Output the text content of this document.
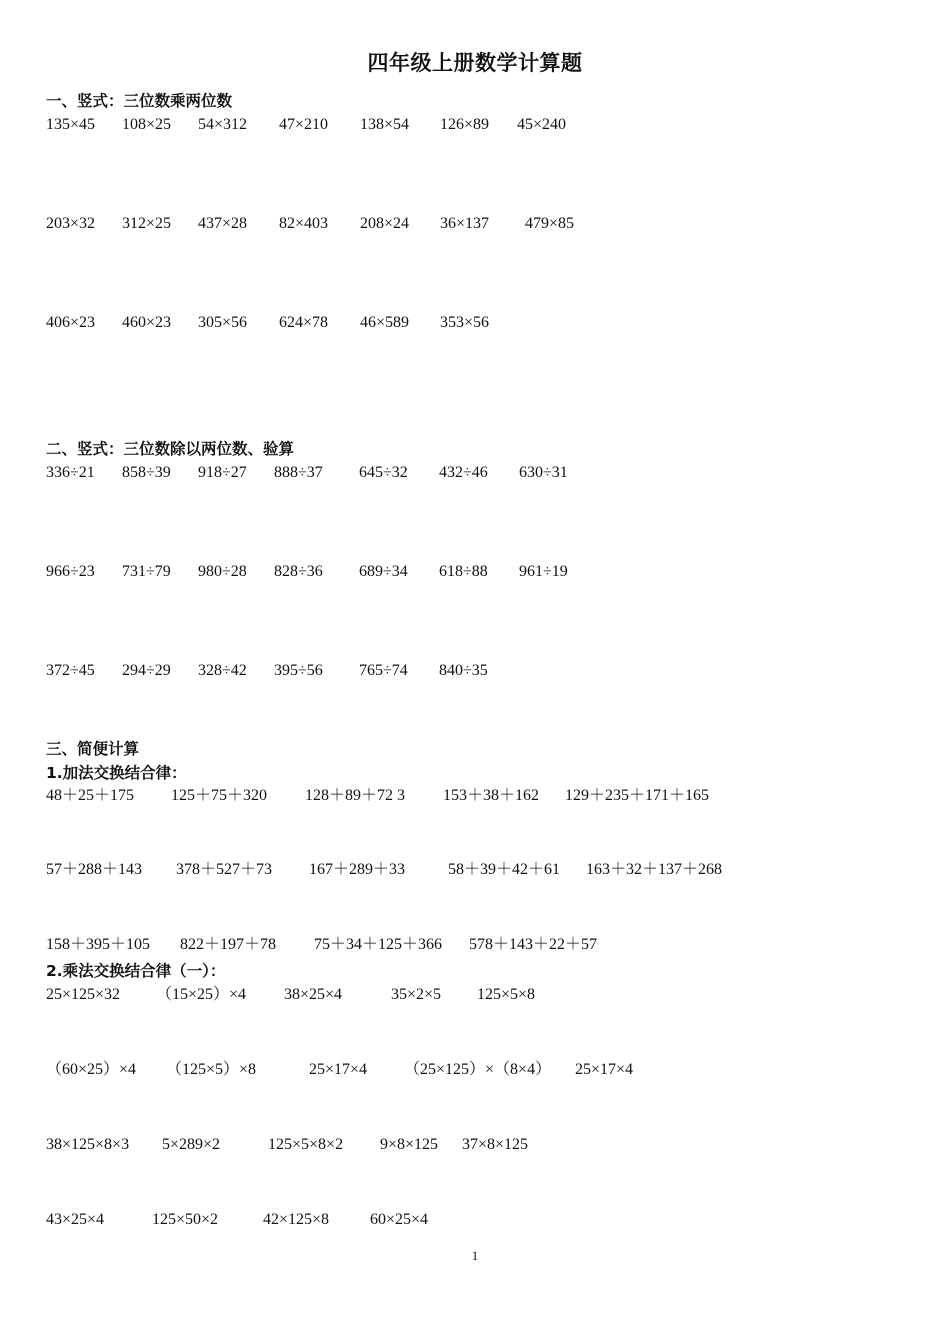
四年级上册数学计算题
一、竖式：三位数乘两位数
135×45 108×25 54×312 47×210 138×54 126×89 45×240
203×32 312×25 437×28 82×403 208×24 36×137 479×85
406×23 460×23 305×56 624×78 46×589 353×56
二、竖式：三位数除以两位数、验算
336÷21 858÷39 918÷27 888÷37 645÷32 432÷46 630÷31
966÷23 731÷79 980÷28 828÷36 689÷34 618÷88 961÷19
372÷45 294÷29 328÷42 395÷56 765÷74 840÷35
三、简便计算
1.加法交换结合律：
48＋25＋175 125＋75＋320 128＋89＋72 3 153＋38＋162 129＋235＋171＋165
57＋288＋143 378＋527＋73 167＋289＋33	58＋39＋42＋61 163＋32＋137＋268
158＋395＋105 822＋197＋78 75＋34＋125＋366 578＋143＋22＋57
2.乘法交换结合律（一）：
25×125×32 （15×25）×4 38×25×4	35×2×5 125×5×8
（60×25）×4 （125×5）×8	25×17×4 （25×125）×（8×4） 25×17×4
38×125×8×3 5×289×2	125×5×8×2 9×8×125 37×8×125
43×25×4	125×50×2	42×125×8	60×25×4
1
